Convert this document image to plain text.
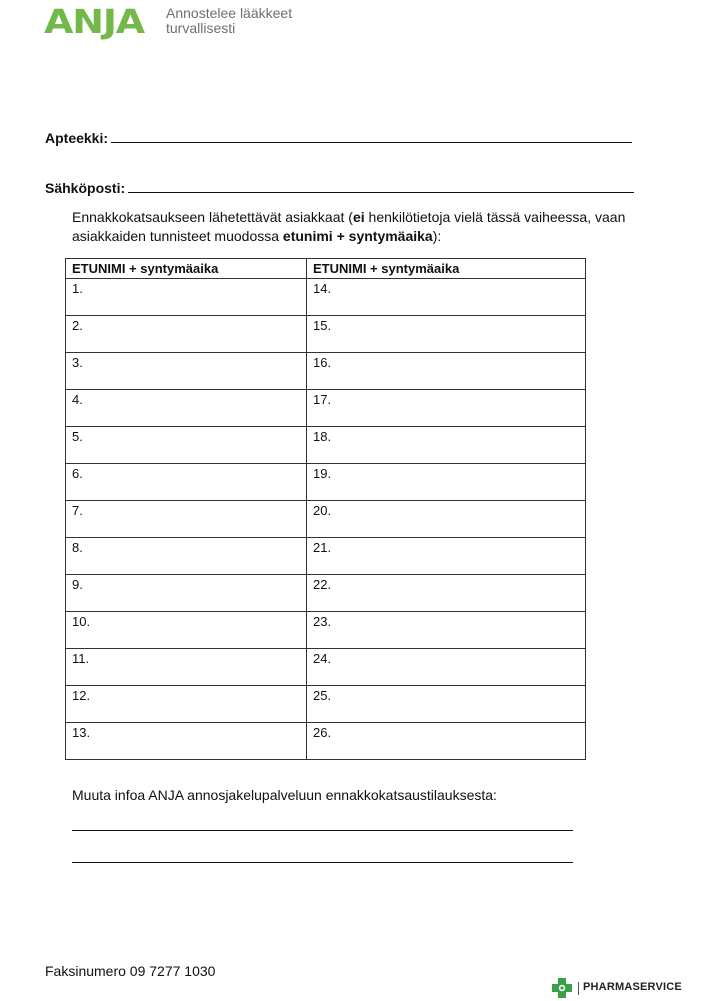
ANJA Annostelee lääkkeet
turvallisesti
Apteekki:
Sähköposti:
Ennakkokatsaukseen lähetettävät asiakkaat (ei henkilötietoja vielä tässä vaiheessa, vaan asiakkaiden tunnisteet muodossa etunimi + syntymäaika):
ETUNIMI + syntymäaika	ETUNIMI + syntymäaika
1.	14.
2.	15.
3.	16.
4.	17.
5.	18.
6.	19.
7.	20.
8.	21.
9.	22.
10.	23.
11.	24.
12.	25.
13.	26.
Muuta infoa ANJA annosjakelupalveluun ennakkokatsaustilauksesta:
Faksinumero 09 7277 1030
PHARMASERVICE
